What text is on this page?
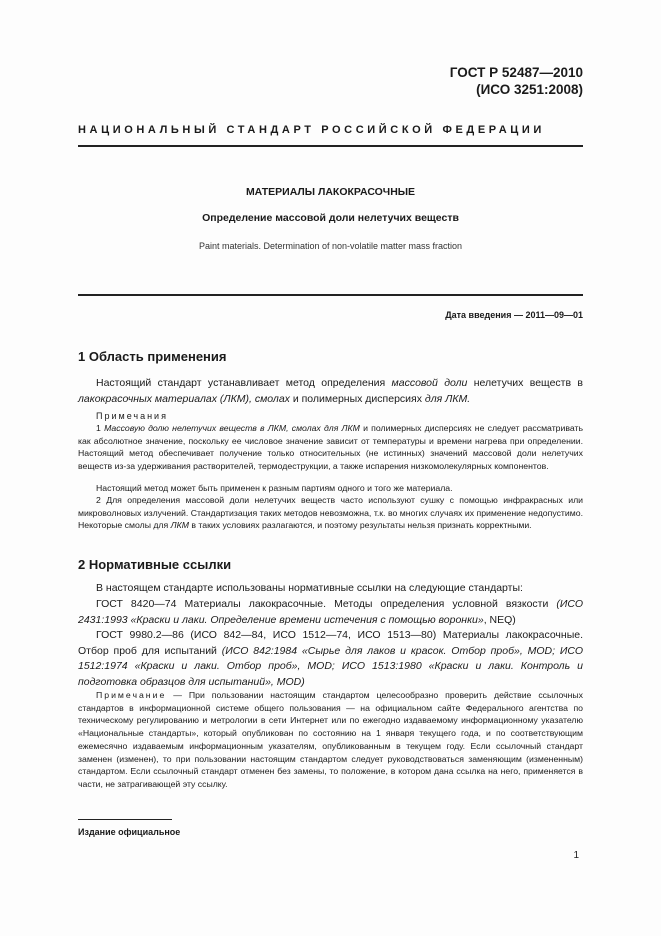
ГОСТ Р 52487—2010
(ИСО 3251:2008)
НАЦИОНАЛЬНЫЙ СТАНДАРТ РОССИЙСКОЙ ФЕДЕРАЦИИ
МАТЕРИАЛЫ ЛАКОКРАСОЧНЫЕ
Определение массовой доли нелетучих веществ
Paint materials. Determination of non-volatile matter mass fraction
Дата введения — 2011—09—01
1 Область применения
Настоящий стандарт устанавливает метод определения массовой доли нелетучих веществ в лакокрасочных материалах (ЛКМ), смолах и полимерных дисперсиях для ЛКМ.
Примечания
1 Массовую долю нелетучих веществ в ЛКМ, смолах для ЛКМ и полимерных дисперсиях не следует рассматривать как абсолютное значение, поскольку ее числовое значение зависит от температуры и времени нагрева при определении. Настоящий метод обеспечивает получение только относительных (не истинных) значений массовой доли нелетучих веществ из-за удерживания растворителей, термодеструкции, а также испарения низкомолекулярных компонентов.
Настоящий метод может быть применен к разным партиям одного и того же материала.
2 Для определения массовой доли нелетучих веществ часто используют сушку с помощью инфракрасных или микроволновых излучений. Стандартизация таких методов невозможна, т.к. во многих случаях их применение недопустимо. Некоторые смолы для ЛКМ в таких условиях разлагаются, и поэтому результаты нельзя признать корректными.
2 Нормативные ссылки
В настоящем стандарте использованы нормативные ссылки на следующие стандарты:
ГОСТ 8420—74 Материалы лакокрасочные. Методы определения условной вязкости (ИСО 2431:1993 «Краски и лаки. Определение времени истечения с помощью воронки», NEQ)
ГОСТ 9980.2—86 (ИСО 842—84, ИСО 1512—74, ИСО 1513—80) Материалы лакокрасочные. Отбор проб для испытаний (ИСО 842:1984 «Сырье для лаков и красок. Отбор проб», MOD; ИСО 1512:1974 «Краски и лаки. Отбор проб», MOD; ИСО 1513:1980 «Краски и лаки. Контроль и подготовка образцов для испытаний», MOD)
Примечание — При пользовании настоящим стандартом целесообразно проверить действие ссылочных стандартов в информационной системе общего пользования — на официальном сайте Федерального агентства по техническому регулированию и метрологии в сети Интернет или по ежегодно издаваемому информационному указателю «Национальные стандарты», который опубликован по состоянию на 1 января текущего года, и по соответствующим ежемесячно издаваемым информационным указателям, опубликованным в текущем году. Если ссылочный стандарт заменен (изменен), то при пользовании настоящим стандартом следует руководствоваться заменяющим (измененным) стандартом. Если ссылочный стандарт отменен без замены, то положение, в котором дана ссылка на него, применяется в части, не затрагивающей эту ссылку.
Издание официальное
1
